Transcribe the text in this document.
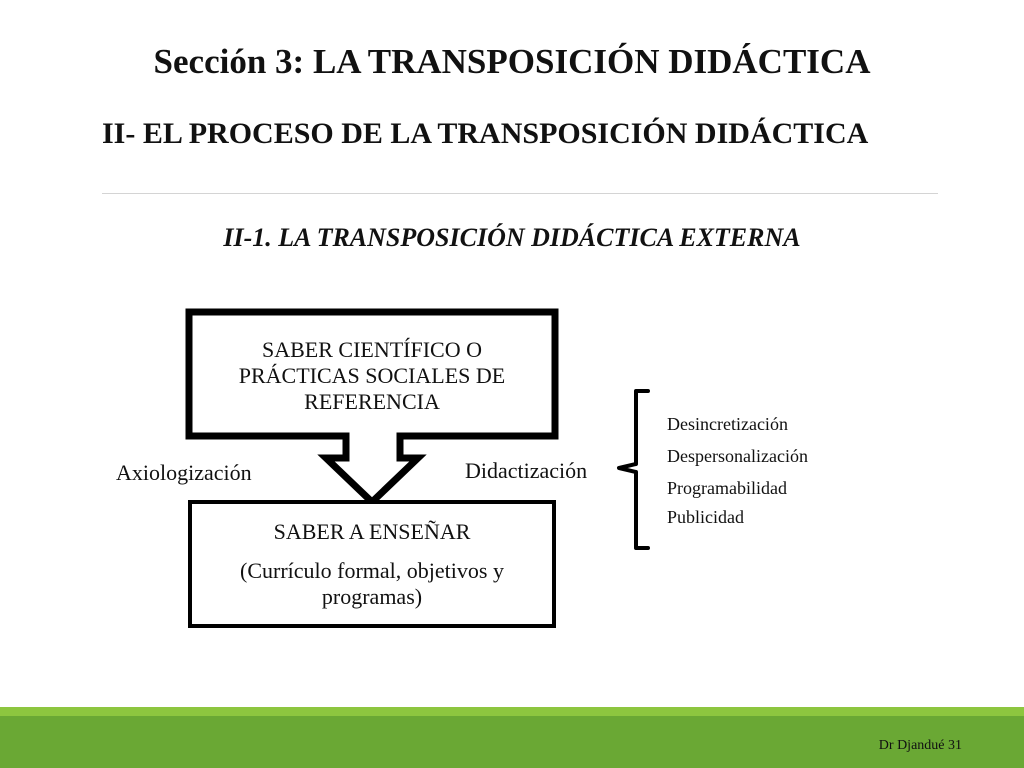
Sección 3: LA TRANSPOSICIÓN DIDÁCTICA
II- EL PROCESO DE LA TRANSPOSICIÓN DIDÁCTICA
II-1. LA TRANSPOSICIÓN DIDÁCTICA EXTERNA
SABER CIENTÍFICO O PRÁCTICAS SOCIALES DE REFERENCIA
SABER A ENSEÑAR
(Currículo formal, objetivos y programas)
Axiologización	Didactización
Desincretización
Despersonalización
Programabilidad
Publicidad
Dr Djandué 31
